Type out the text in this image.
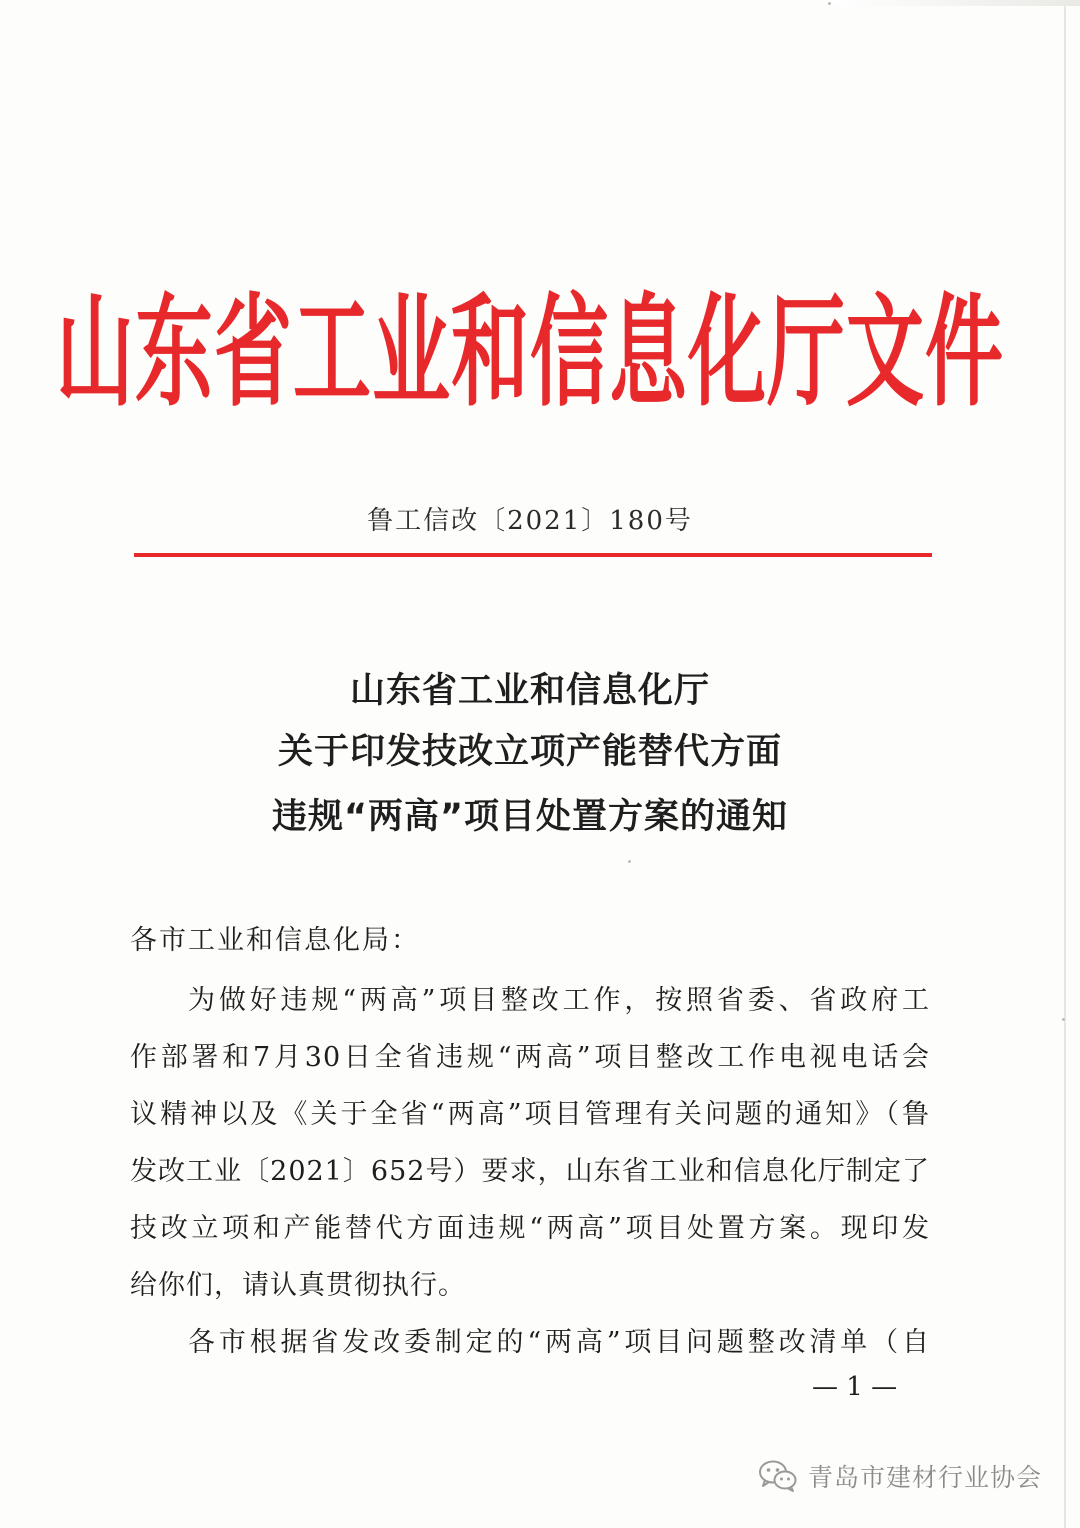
山东省工业和信息化厅文件
鲁工信改〔2021〕180号
山东省工业和信息化厅
关于印发技改立项产能替代方面
违规“两高”项目处置方案的通知
各市工业和信息化局：
为做好违规“两高”项目整改工作，按照省委、省政府工
作部署和7月30日全省违规“两高”项目整改工作电视电话会
议精神以及《关于全省“两高”项目管理有关问题的通知》（鲁
发改工业〔2021〕652号）要求，山东省工业和信息化厅制定了
技改立项和产能替代方面违规“两高”项目处置方案。现印发
给你们，请认真贯彻执行。
各市根据省发改委制定的“两高”项目问题整改清单（自
— 1 —
青岛市建材行业协会
